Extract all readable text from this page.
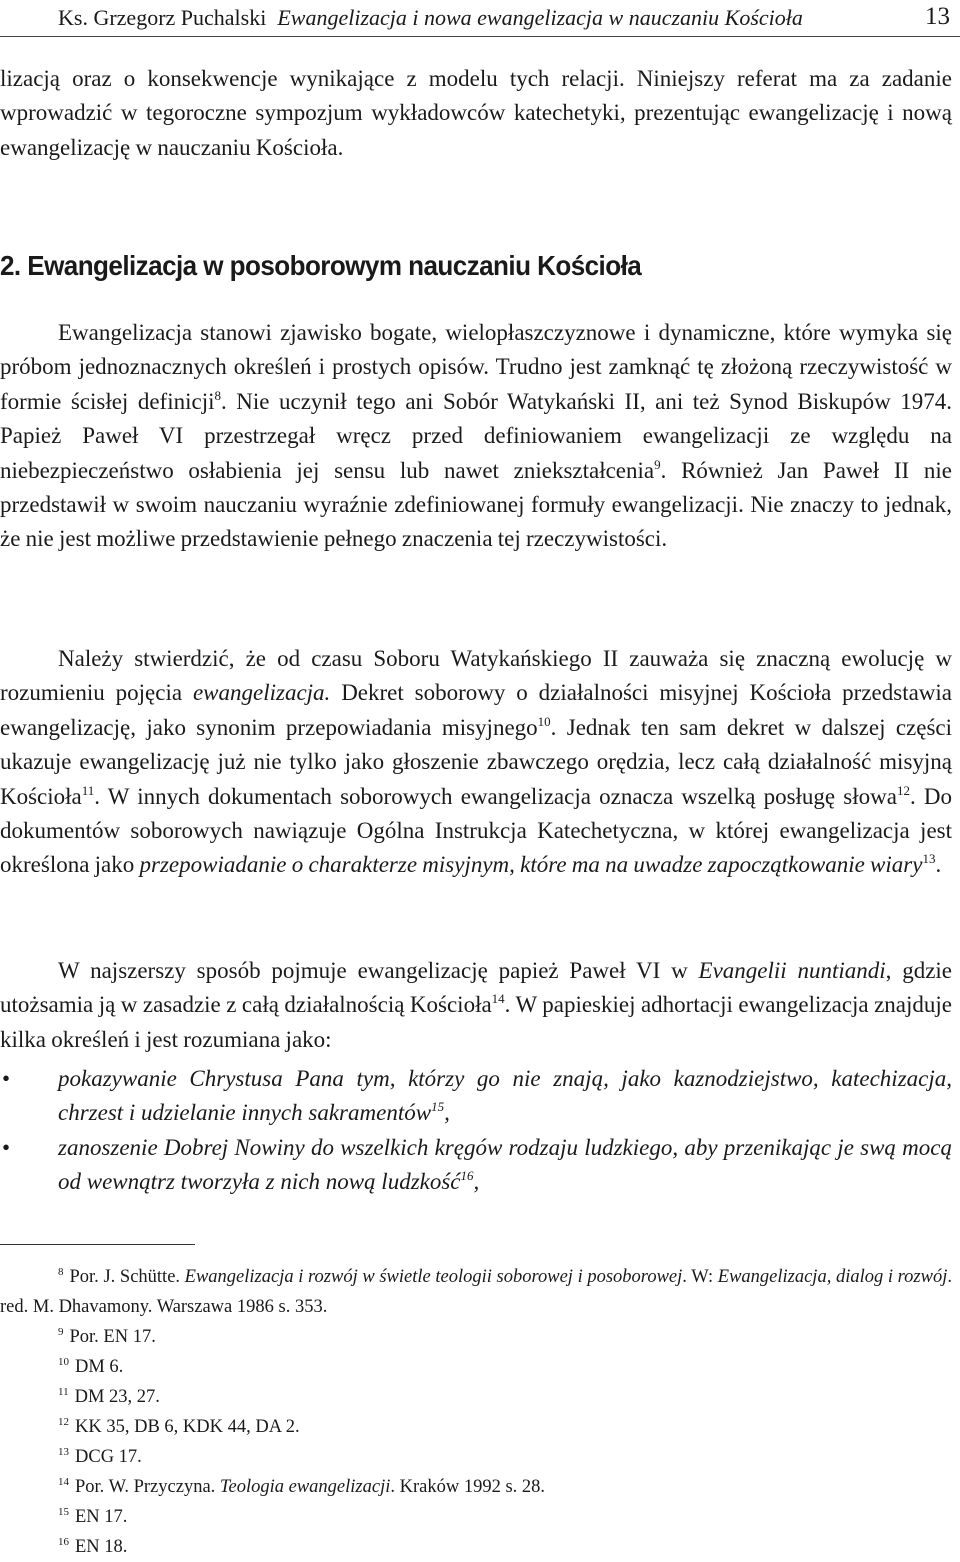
Ks. Grzegorz Puchalski Ewangelizacja i nowa ewangelizacja w nauczaniu Kościoła	13

lizacją oraz o konsekwencje wynikające z modelu tych relacji. Niniejszy referat ma za zadanie wprowadzić w tegoroczne sympozjum wykładowców katechetyki, prezentując ewangelizację i nową ewangelizację w nauczaniu Kościoła.

2. Ewangelizacja w posoborowym nauczaniu Kościoła

Ewangelizacja stanowi zjawisko bogate, wielopłaszczyznowe i dynamiczne, które wymyka się próbom jednoznacznych określeń i prostych opisów. Trudno jest zamknąć tę złożoną rzeczywistość w formie ścisłej definicji$^8$. Nie uczynił tego ani Sobór Watykański II, ani też Synod Biskupów 1974. Papież Paweł VI przestrzegał wręcz przed definiowaniem ewangelizacji ze względu na niebezpieczeństwo osłabienia jej sensu lub nawet zniekształcenia$^9$. Również Jan Paweł II nie przedstawił w swoim nauczaniu wyraźnie zdefiniowanej formuły ewangelizacji. Nie znaczy to jednak, że nie jest możliwe przedstawienie pełnego znaczenia tej rzeczywistości.

Należy stwierdzić, że od czasu Soboru Watykańskiego II zauważa się znaczną ewolucję w rozumieniu pojęcia ewangelizacja. Dekret soborowy o działalności misyjnej Kościoła przedstawia ewangelizację, jako synonim przepowiadania misyjnego$^{10}$. Jednak ten sam dekret w dalszej części ukazuje ewangelizację już nie tylko jako głoszenie zbawczego orędzia, lecz całą działalność misyjną Kościoła$^{11}$. W innych dokumentach soborowych ewangelizacja oznacza wszelką posługę słowa$^{12}$. Do dokumentów soborowych nawiązuje Ogólna Instrukcja Katechetyczna, w której ewangelizacja jest określona jako przepowiadanie o charakterze misyjnym, które ma na uwadze zapoczątkowanie wiary$^{13}$.

W najszerszy sposób pojmuje ewangelizację papież Paweł VI w Evangelii nuntiandi, gdzie utożsamia ją w zasadzie z całą działalnością Kościoła$^{14}$. W papieskiej adhortacji ewangelizacja znajduje kilka określeń i jest rozumiana jako:

• pokazywanie Chrystusa Pana tym, którzy go nie znają, jako kaznodziejstwo, katechizacja, chrzest i udzielanie innych sakramentów$^{15}$,
• zanoszenie Dobrej Nowiny do wszelkich kręgów rodzaju ludzkiego, aby przenikając je swą mocą od wewnątrz tworzyła z nich nową ludzkość$^{16}$,
$^8$ Por. J. Schütte. Ewangelizacja i rozwój w świetle teologii soborowej i posoborowej. W: Ewangelizacja, dialog i rozwój. red. M. Dhavamony. Warszawa 1986 s. 353.
$^9$ Por. EN 17.
$^{10}$ DM 6.
$^{11}$ DM 23, 27.
$^{12}$ KK 35, DB 6, KDK 44, DA 2.
$^{13}$ DCG 17.
$^{14}$ Por. W. Przyczyna. Teologia ewangelizacji. Kraków 1992 s. 28.
$^{15}$ EN 17.
$^{16}$ EN 18.
